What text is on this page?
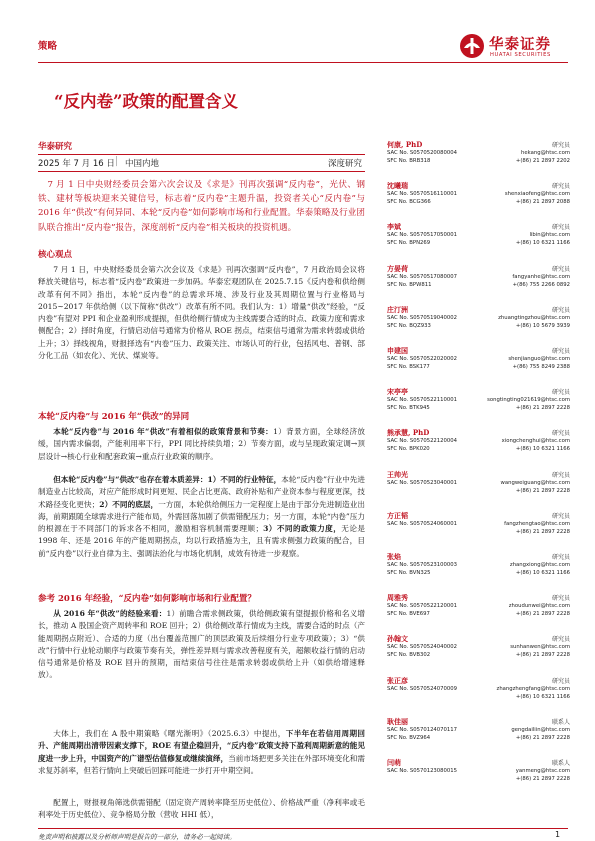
策略	华泰证券
HUATAI SECURITIES
“反内卷”政策的配置含义
华泰研究
2025 年 7 月 16 日 │ 中国内地	深度研究
7 月 1 日中央财经委员会第六次会议及《求是》刊再次强调“反内卷”，光伏、钢铁、建材等板块迎来关键信号，标志着“反内卷”主题升温，投资者关心“反内卷”与 2016 年“供改”有何异同、本轮“反内卷”如何影响市场和行业配置。华泰策略及行业团队联合推出“反内卷”报告，深度剖析“反内卷”相关板块的投资机遇。
核心观点
7 月 1 日，中央财经委员会第六次会议及《求是》刊再次强调“反内卷”，7 月政治局会议将释放关键信号，标志着“反内卷”政策进一步加码。华泰宏观团队在 2025.7.15《反内卷和供给侧改革有何不同》指出，本轮“反内卷”的总需求环境、涉及行业及其周期位置与行业格局与 2015~2017 年供给侧（以下简称“供改”）改革有所不同。我们认为：1）增量“供改”经验，“反内卷”有望对 PPI 和企业盈利形成提振，但供给侧行情成为主线需要合适的时点、政策力度和需求侧配合；2）择时角度，行情启动信号通常为价格从 ROE 拐点，结束信号通常为需求转弱或供给上升；3）择线视角，财报择选有“内卷”压力、政策关注、市场认可的行业，包括风电、普钢、部分化工品（如农化）、光伏、煤炭等。
本轮“反内卷”与 2016 年“供改”的异同
本轮“反内卷”与 2016 年“供改”有着相似的政策背景和节奏：1）背景方面，全球经济放缓，国内需求偏弱，产能利用率下行，PPI 同比持续负增；2）节奏方面，或与呈现政策定调→顶层设计→核心行业和配套政策→重点行业政策的顺序。
但本轮“反内卷”与“供改”也存在着本质差异：1）不同的行业特征，本轮“反内卷”行业中先进制造业占比较高，对应产能形成时间更短、民企占比更高、政府补贴和产业资本参与程度更深，技术路径变化更快；2）不同的底层，一方面，本轮供给侧压力一定程度上是由于部分先进制造业出海，前期跟随全球需求进行产能布局，外需回落加剧了供需错配压力；另一方面，本轮“内卷”压力的根源在于不同部门的诉求各不相同，激励相容机制需要理顺；3）不同的政策力度，无论是 1998 年、还是 2016 年的产能周期拐点，均以行政措施为主，且有需求侧强力政策的配合，目前“反内卷”以行业自律为主、强调法治化与市场化机制，成效有待进一步观察。
参考 2016 年经验，“反内卷”如何影响市场和行业配置？
从 2016 年“供改”的经验来看：1）前瞻合需求侧政策，供给侧政策有望提振价格和名义增长，推动 A 股国企资产周转率和 ROE 回升；2）供给侧改革行情成为主线，需要合适的时点（产能周期拐点附近）、合适的力度（出台覆盖范围广的顶层政策及后续细分行业专项政策）；3）“供改”行情中行业轮动顺序与政策节奏有关，弹性差异则与需求改善程度有关，超额收益行情的启动信号通常是价格及 ROE 回升的预期，而结束信号往往是需求转弱或供给上升（如供给增速释放）。
大体上，我们在 A 股中期策略《曙光渐明》（2025.6.3）中提出，下半年在若信用周期回升、产能周期出清带因素支撑下，ROE 有望企稳回升，“反内卷”政策支持下盈利周期新意的能见度进一步上升，中国资产的广谱型估值修复或继续演绎，当前市场把更多关注在外部环境变化和需求复苏斜率，但若行情向上突破后回踩可能进一步打开中期空间。
配置上，财报视角筛选供需错配（固定资产周转率降至历史低位）、价格战严重（净利率或毛利率处于历史低位）、竞争格局分散（营收 HHI 低），
何康, PhD	研究员
SAC No. S0570520080004	hekang@htsc.com
SFC No. BRB318	+(86) 21 2897 2202
沈曦瑞	研究员
SAC No. S0570516110001	shenxiaofeng@htsc.com
SFC No. BCG366	+(86) 21 2897 2088
李斌	研究员
SAC No. S0570517050001	libin@htsc.com
SFC No. BPN269	+(86) 10 6321 1166
方晏荷	研究员
SAC No. S0570517080007	fangyanhe@htsc.com
SFC No. BPW811	+(86) 755 2266 0892
庄汀洲	研究员
SAC No. S0570519040002	zhuangtingzhou@htsc.com
SFC No. BQZ933	+(86) 10 5679 3939
申建国	研究员
SAC No. S0570522020002	shenjianguo@htsc.com
SFC No. BSK177	+(86) 755 8249 2388
宋亭亭	研究员
SAC No. S0570522110001	songtingting021619@htsc.com
SFC No. BTK945	+(86) 21 2897 2228
熊承慧, PhD	研究员
SAC No. S0570522120004	xiongchenghui@htsc.com
SFC No. BPK020	+(86) 10 6321 1166
王帅光	研究员
SAC No. S0570523040001	wangweiguang@htsc.com
+(86) 21 2897 2228
方正韬	研究员
SAC No. S0570524060001	fangzhengtao@htsc.com
+(86) 21 2897 2228
张焰	研究员
SAC No. S0570523100003	zhangxiong@htsc.com
SFC No. BVN325	+(86) 10 6321 1166
周雅秀	研究员
SAC No. S0570522120001	zhoudunwei@htsc.com
SFC No. BVE697	+(86) 21 2897 2228
孙翰文	研究员
SAC No. S0570524040002	sunhanwen@htsc.com
SFC No. BVB302	+(86) 21 2897 2228
张正彦	研究员
SAC No. S0570524070009	zhangzhengfang@htsc.com
+(86) 10 6321 1166
耿佳丽	联系人
SAC No. S0570124070117	gengdailiin@htsc.com
SFC No. BVZ964	+(86) 21 2897 2228
闫萌	联系人
SAC No. S0570123080015	yanmeng@htsc.com
+(86) 21 2897 2228
免责声明和披露以及分析师声明是报告的一部分，请务必一起阅读。	1
